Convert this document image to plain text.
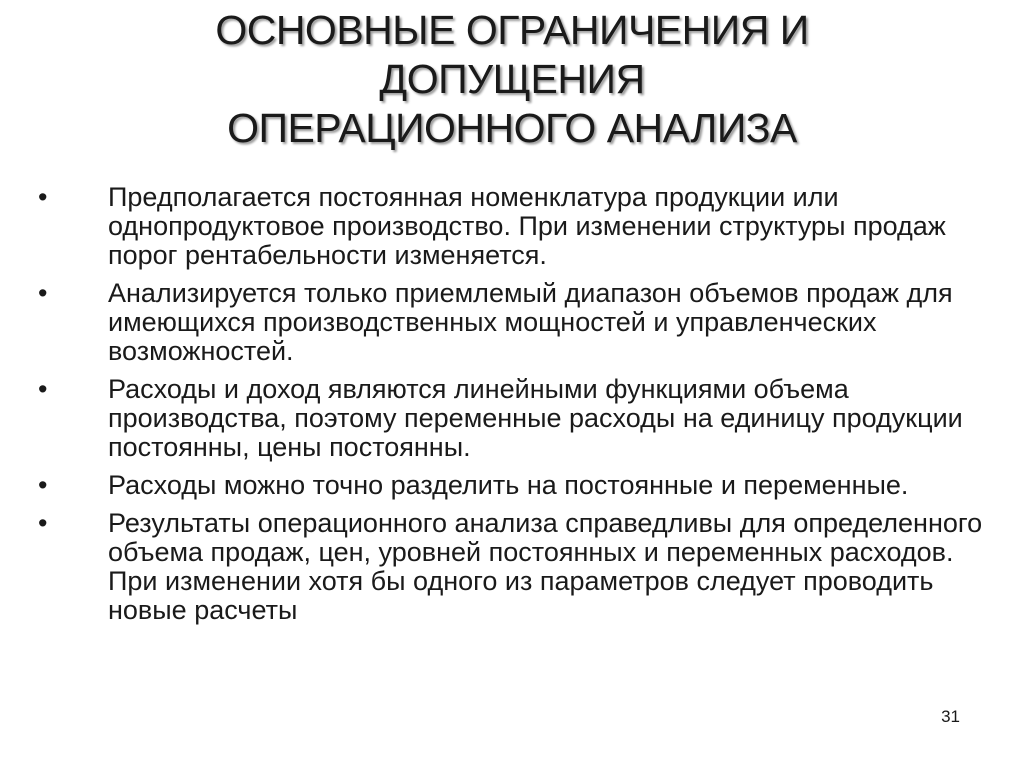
ОСНОВНЫЕ ОГРАНИЧЕНИЯ И
ДОПУЩЕНИЯ
ОПЕРАЦИОННОГО АНАЛИЗА
•	Предполагается постоянная номенклатура продукции или однопродуктовое производство. При изменении структуры продаж порог рентабельности изменяется.
•	Анализируется только приемлемый диапазон объемов продаж для имеющихся производственных мощностей и управленческих возможностей.
•	Расходы и доход являются линейными функциями объема производства, поэтому переменные расходы на единицу продукции постоянны, цены постоянны.
•	Расходы можно точно разделить на постоянные и переменные.
•	Результаты операционного анализа справедливы для определенного объема продаж, цен, уровней постоянных и переменных расходов. При изменении хотя бы одного из параметров следует проводить новые расчеты
31
